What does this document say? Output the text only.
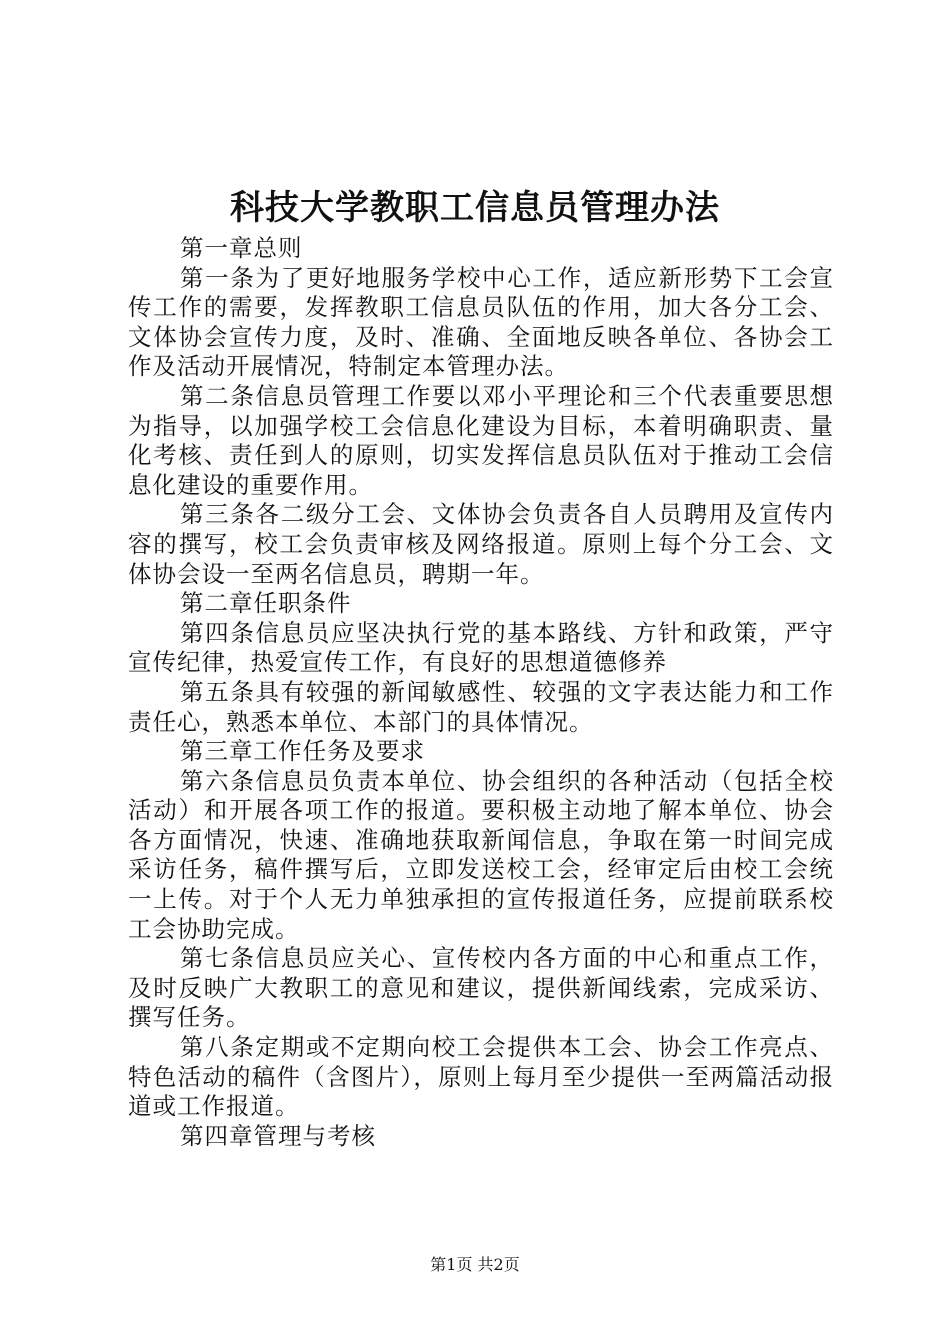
科技大学教职工信息员管理办法

第一章总则

第一条为了更好地服务学校中心工作，适应新形势下工会宣传工作的需要，发挥教职工信息员队伍的作用，加大各分工会、文体协会宣传力度，及时、准确、全面地反映各单位、各协会工作及活动开展情况，特制定本管理办法。

第二条信息员管理工作要以邓小平理论和三个代表重要思想为指导，以加强学校工会信息化建设为目标，本着明确职责、量化考核、责任到人的原则，切实发挥信息员队伍对于推动工会信息化建设的重要作用。

第三条各二级分工会、文体协会负责各自人员聘用及宣传内容的撰写，校工会负责审核及网络报道。原则上每个分工会、文体协会设一至两名信息员，聘期一年。

第二章任职条件

第四条信息员应坚决执行党的基本路线、方针和政策，严守宣传纪律，热爱宣传工作，有良好的思想道德修养

第五条具有较强的新闻敏感性、较强的文字表达能力和工作责任心，熟悉本单位、本部门的具体情况。

第三章工作任务及要求

第六条信息员负责本单位、协会组织的各种活动（包括全校活动）和开展各项工作的报道。要积极主动地了解本单位、协会各方面情况，快速、准确地获取新闻信息，争取在第一时间完成采访任务，稿件撰写后，立即发送校工会，经审定后由校工会统一上传。对于个人无力单独承担的宣传报道任务，应提前联系校工会协助完成。

第七条信息员应关心、宣传校内各方面的中心和重点工作，及时反映广大教职工的意见和建议，提供新闻线索，完成采访、撰写任务。

第八条定期或不定期向校工会提供本工会、协会工作亮点、特色活动的稿件（含图片），原则上每月至少提供一至两篇活动报道或工作报道。

第四章管理与考核

第1页 共2页
